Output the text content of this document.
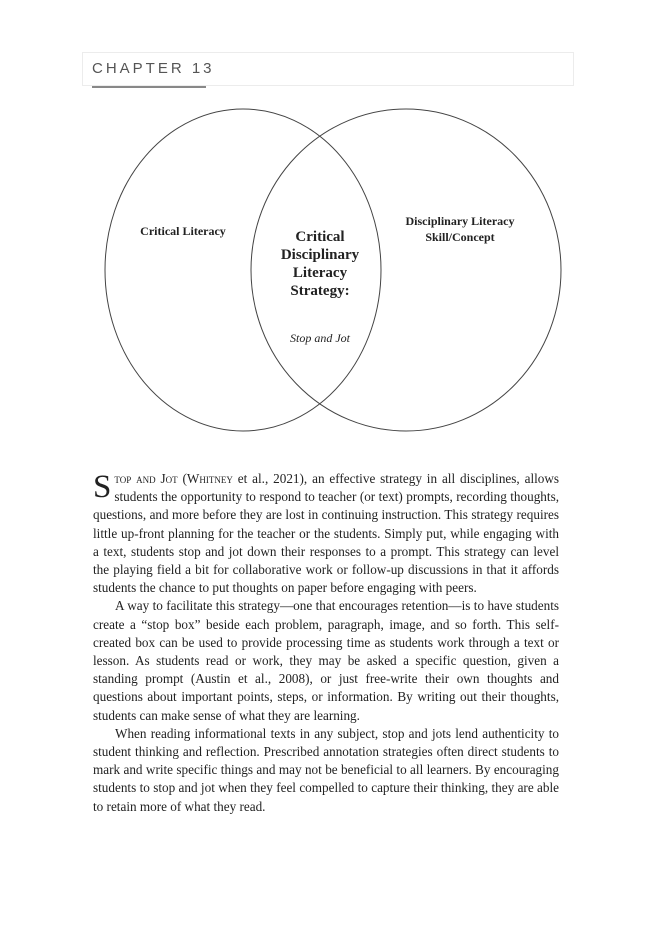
CHAPTER 13
Critical Literacy
Disciplinary Literacy
Skill/Concept
Critical
Disciplinary
Literacy
Strategy:
Stop and Jot

Stop and Jot (Whitney et al., 2021), an effective strategy in all disciplines, allows students the opportunity to respond to teacher (or text) prompts, recording thoughts, questions, and more before they are lost in continuing instruction. This strategy requires little up-front planning for the teacher or the students. Simply put, while engaging with a text, students stop and jot down their responses to a prompt. This strategy can level the playing field a bit for collaborative work or follow-up discussions in that it affords students the chance to put thoughts on paper before engaging with peers.

A way to facilitate this strategy—one that encourages retention—is to have students create a “stop box” beside each problem, paragraph, image, and so forth. This self-created box can be used to provide processing time as students work through a text or lesson. As students read or work, they may be asked a specific question, given a standing prompt (Austin et al., 2008), or just free-write their own thoughts and questions about important points, steps, or information. By writing out their thoughts, students can make sense of what they are learning.

When reading informational texts in any subject, stop and jots lend authenticity to student thinking and reflection. Prescribed annotation strategies often direct students to mark and write specific things and may not be beneficial to all learners. By encouraging students to stop and jot when they feel compelled to capture their thinking, they are able to retain more of what they read.
